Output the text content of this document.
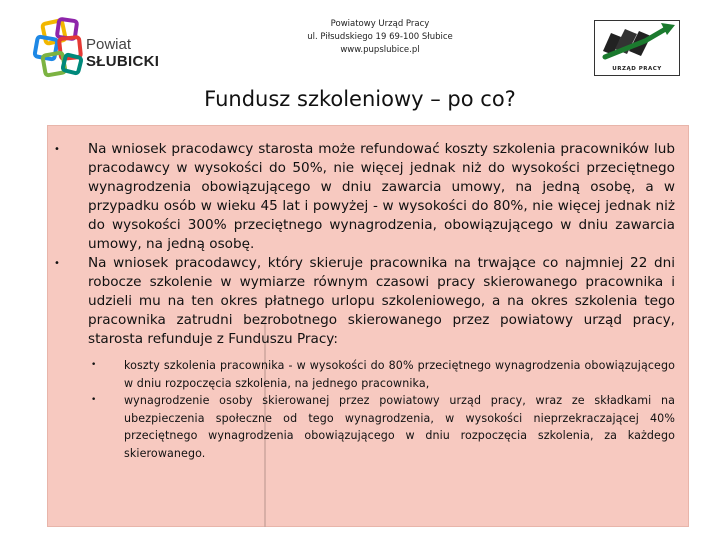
Powiat
SŁUBICKI
Powiatowy Urząd Pracy
ul. Piłsudskiego 19 69-100 Słubice
www.pupslubice.pl
URZĄD PRACY
Fundusz szkoleniowy – po co?
• Na wniosek pracodawcy starosta może refundować koszty szkolenia pracowników lub pracodawcy w wysokości do 50%, nie więcej jednak niż do wysokości przeciętnego wynagrodzenia obowiązującego w dniu zawarcia umowy, na jedną osobę, a w przypadku osób w wieku 45 lat i powyżej - w wysokości do 80%, nie więcej jednak niż do wysokości 300% przeciętnego wynagrodzenia, obowiązującego w dniu zawarcia umowy, na jedną osobę.
• Na wniosek pracodawcy, który skieruje pracownika na trwające co najmniej 22 dni robocze szkolenie w wymiarze równym czasowi pracy skierowanego pracownika i udzieli mu na ten okres płatnego urlopu szkoleniowego, a na okres szkolenia tego pracownika zatrudni bezrobotnego skierowanego przez powiatowy urząd pracy, starosta refunduje z Funduszu Pracy:
• koszty szkolenia pracownika - w wysokości do 80% przeciętnego wynagrodzenia obowiązującego w dniu rozpoczęcia szkolenia, na jednego pracownika,
• wynagrodzenie osoby skierowanej przez powiatowy urząd pracy, wraz ze składkami na ubezpieczenia społeczne od tego wynagrodzenia, w wysokości nieprzekraczającej 40% przeciętnego wynagrodzenia obowiązującego w dniu rozpoczęcia szkolenia, za każdego skierowanego.
